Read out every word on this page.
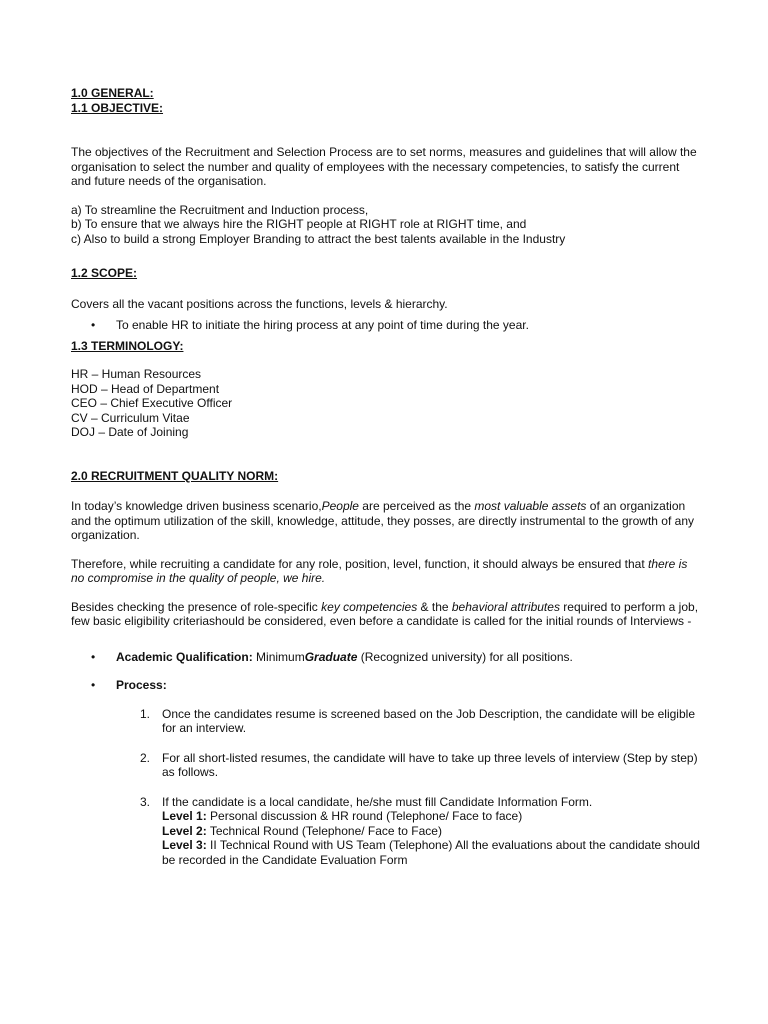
1.0 GENERAL:
1.1 OBJECTIVE:

The objectives of the Recruitment and Selection Process are to set norms, measures and guidelines that will allow the organisation to select the number and quality of employees with the necessary competencies, to satisfy the current and future needs of the organisation.

a) To streamline the Recruitment and Induction process,

b) To ensure that we always hire the RIGHT people at RIGHT role at RIGHT time, and

c) Also to build a strong Employer Branding to attract the best talents available in the Industry

1.2 SCOPE:

Covers all the vacant positions across the functions, levels & hierarchy.

• To enable HR to initiate the hiring process at any point of time during the year.
1.3 TERMINOLOGY:

HR – Human Resources

HOD – Head of Department

CEO – Chief Executive Officer

CV – Curriculum Vitae

DOJ – Date of Joining

2.0 RECRUITMENT QUALITY NORM:

In today’s knowledge driven business scenario,People are perceived as the most valuable assets of an organization and the optimum utilization of the skill, knowledge, attitude, they posses, are directly instrumental to the growth of any organization.

Therefore, while recruiting a candidate for any role, position, level, function, it should always be ensured that there is no compromise in the quality of people, we hire.

Besides checking the presence of role-specific key competencies & the behavioral attributes required to perform a job, few basic eligibility criteriashould be considered, even before a candidate is called for the initial rounds of Interviews -

• Academic Qualification: MinimumGraduate (Recognized university) for all positions.
• Process:
1. Once the candidates resume is screened based on the Job Description, the candidate will be eligible for an interview.
2. For all short-listed resumes, the candidate will have to take up three levels of interview (Step by step) as follows.
3. If the candidate is a local candidate, he/she must fill Candidate Information Form.
Level 1: Personal discussion & HR round (Telephone/ Face to face)
Level 2: Technical Round (Telephone/ Face to Face)
Level 3: II Technical Round with US Team (Telephone) All the evaluations about the candidate should be recorded in the Candidate Evaluation Form
